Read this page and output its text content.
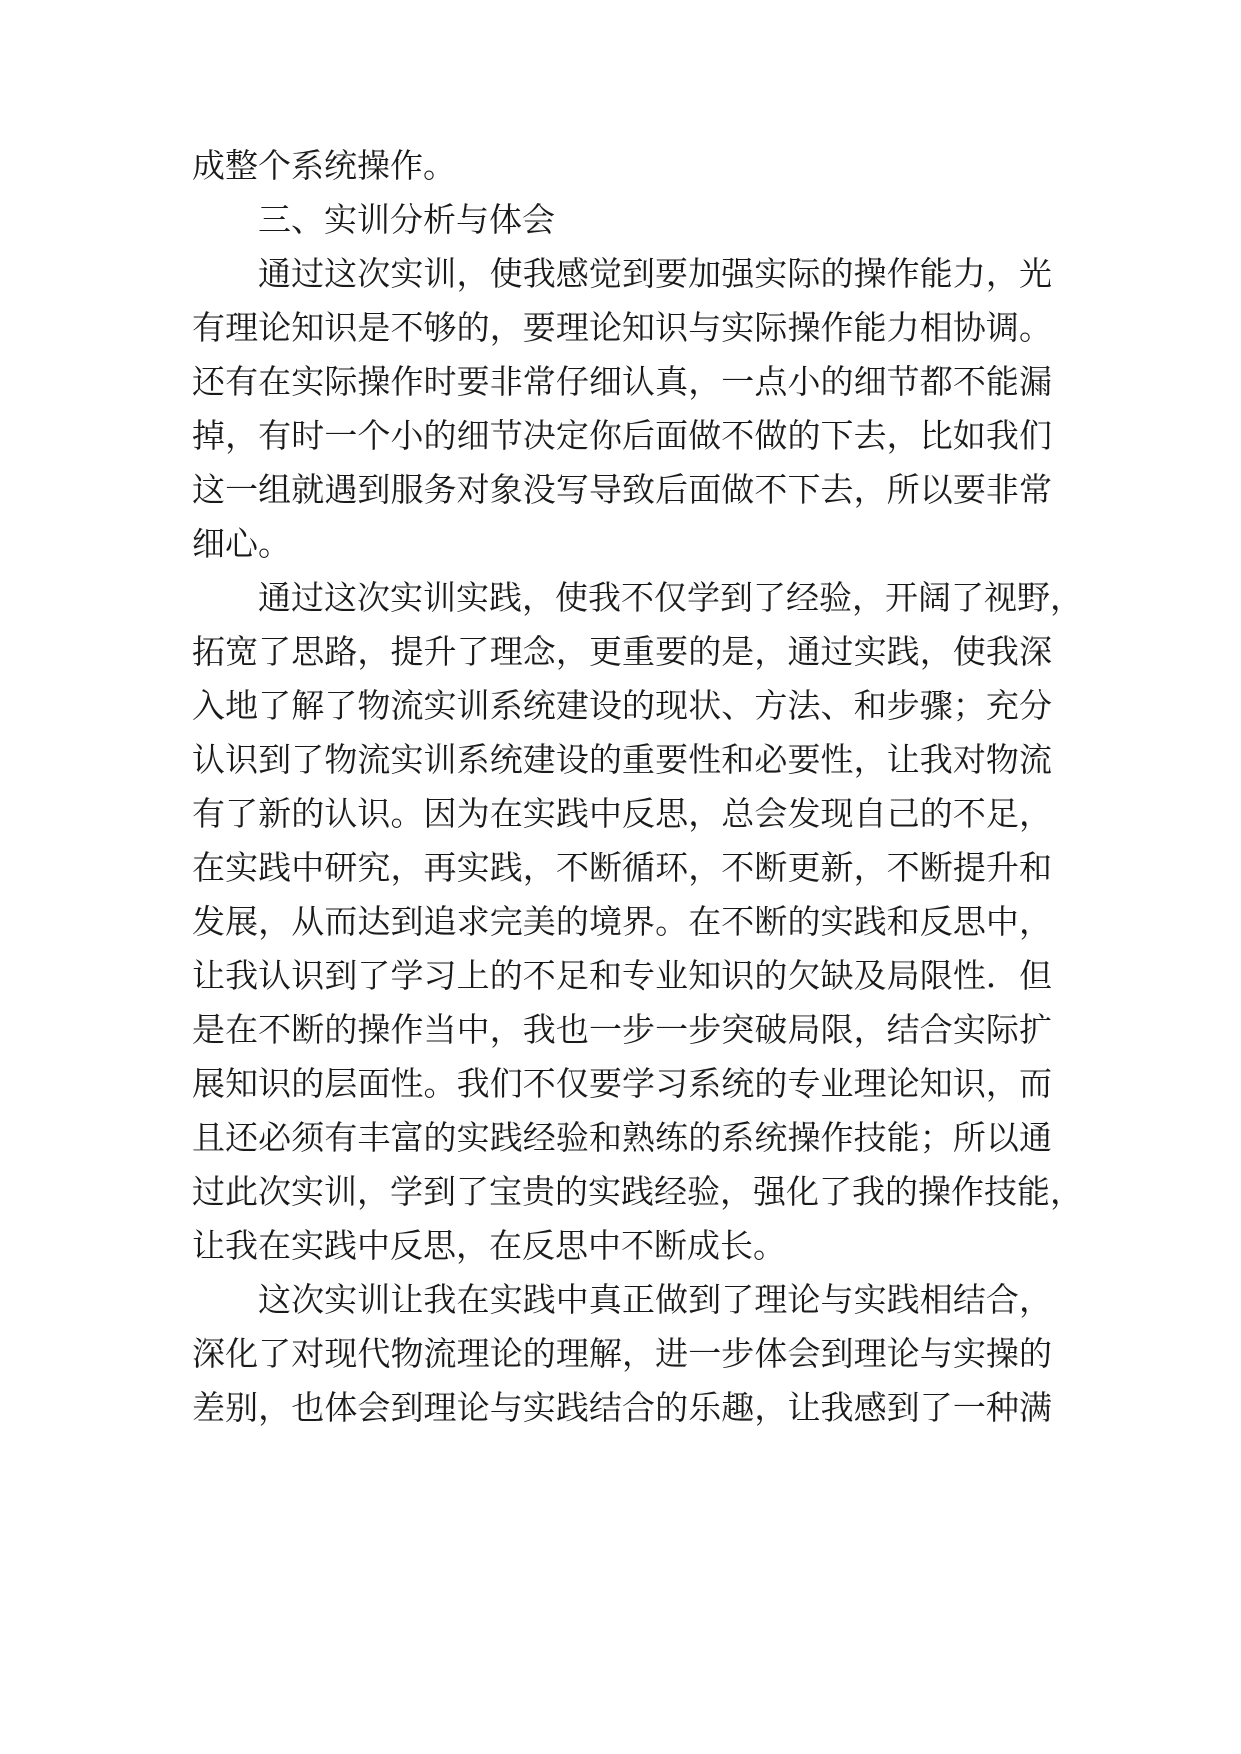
成整个系统操作。
三、实训分析与体会
通过这次实训，使我感觉到要加强实际的操作能力，光
有理论知识是不够的，要理论知识与实际操作能力相协调。
还有在实际操作时要非常仔细认真，一点小的细节都不能漏
掉，有时一个小的细节决定你后面做不做的下去，比如我们
这一组就遇到服务对象没写导致后面做不下去，所以要非常
细心。
通过这次实训实践，使我不仅学到了经验，开阔了视野，
拓宽了思路，提升了理念，更重要的是，通过实践，使我深
入地了解了物流实训系统建设的现状、方法、和步骤；充分
认识到了物流实训系统建设的重要性和必要性，让我对物流
有了新的认识。因为在实践中反思，总会发现自己的不足，
在实践中研究，再实践，不断循环，不断更新，不断提升和
发展，从而达到追求完美的境界。在不断的实践和反思中，
让我认识到了学习上的不足和专业知识的欠缺及局限性．但
是在不断的操作当中，我也一步一步突破局限，结合实际扩
展知识的层面性。我们不仅要学习系统的专业理论知识，而
且还必须有丰富的实践经验和熟练的系统操作技能；所以通
过此次实训，学到了宝贵的实践经验，强化了我的操作技能，
让我在实践中反思，在反思中不断成长。
这次实训让我在实践中真正做到了理论与实践相结合，
深化了对现代物流理论的理解，进一步体会到理论与实操的
差别，也体会到理论与实践结合的乐趣，让我感到了一种满
